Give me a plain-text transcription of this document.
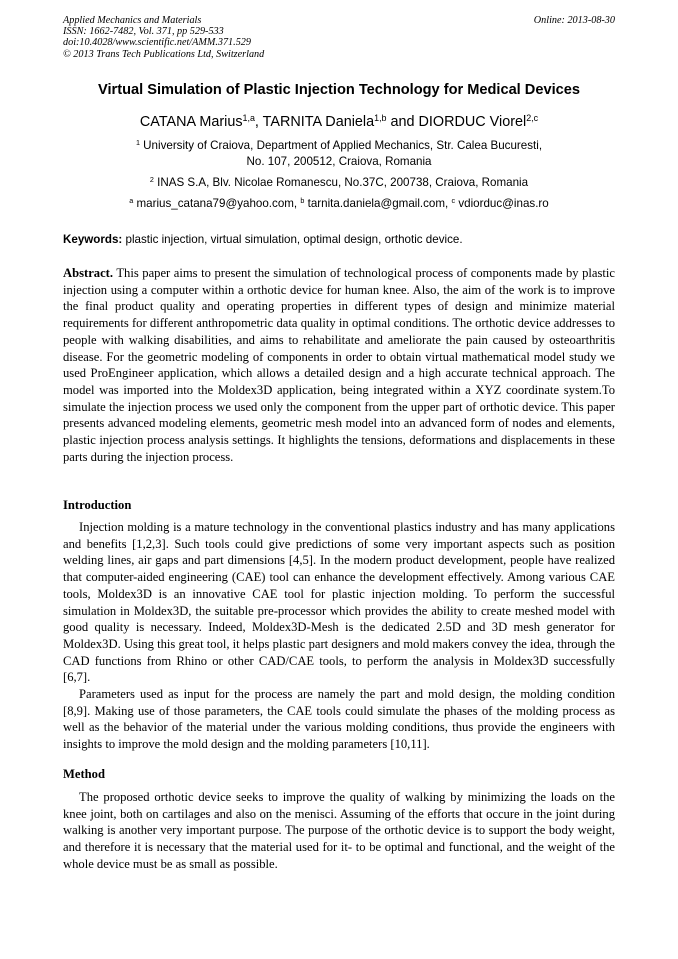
Applied Mechanics and Materials
ISSN: 1662-7482, Vol. 371, pp 529-533
doi:10.4028/www.scientific.net/AMM.371.529
© 2013 Trans Tech Publications Ltd, Switzerland
Online: 2013-08-30
Virtual Simulation of Plastic Injection Technology for Medical Devices
CATANA Marius$^{1,a}$, TARNITA Daniela$^{1,b}$ and DIORDUC Viorel$^{2,c}$
$^1$ University of Craiova, Department of Applied Mechanics, Str. Calea Bucuresti,
No. 107, 200512, Craiova, Romania
$^2$ INAS S.A, Blv. Nicolae Romanescu, No.37C, 200738, Craiova, Romania
$^a$ marius_catana79@yahoo.com, $^b$ tarnita.daniela@gmail.com, $^c$ vdiorduc@inas.ro
Keywords: plastic injection, virtual simulation, optimal design, orthotic device.

Abstract. This paper aims to present the simulation of technological process of components made by plastic injection using a computer within a orthotic device for human knee. Also, the aim of the work is to improve the final product quality and operating properties in different types of design and minimize material requirements for different anthropometric data quality in optimal conditions. The orthotic device addresses to people with walking disabilities, and aims to rehabilitate and ameliorate the pain caused by osteoarthritis disease. For the geometric modeling of components in order to obtain virtual mathematical model study we used ProEngineer application, which allows a detailed design and a high accurate technical approach. The model was imported into the Moldex3D application, being integrated within a XYZ coordinate system.To simulate the injection process we used only the component from the upper part of orthotic device. This paper presents advanced modeling elements, geometric mesh model into an advanced form of nodes and elements, plastic injection process analysis settings. It highlights the tensions, deformations and displacements in these parts during the injection process.

Introduction

Injection molding is a mature technology in the conventional plastics industry and has many applications and benefits [1,2,3]. Such tools could give predictions of some very important aspects such as position welding lines, air gaps and part dimensions [4,5]. In the modern product development, people have realized that computer-aided engineering (CAE) tool can enhance the development effectively. Among various CAE tools, Moldex3D is an innovative CAE tool for plastic injection molding. To perform the successful simulation in Moldex3D, the suitable pre-processor which provides the ability to create meshed model with good quality is necessary. Indeed, Moldex3D-Mesh is the dedicated 2.5D and 3D mesh generator for Moldex3D. Using this great tool, it helps plastic part designers and mold makers convey the idea, through the CAD functions from Rhino or other CAD/CAE tools, to perform the analysis in Moldex3D successfully [6,7].

Parameters used as input for the process are namely the part and mold design, the molding condition [8,9]. Making use of those parameters, the CAE tools could simulate the phases of the molding process as well as the behavior of the material under the various molding conditions, thus provide the engineers with insights to improve the mold design and the molding parameters [10,11].

Method

The proposed orthotic device seeks to improve the quality of walking by minimizing the loads on the knee joint, both on cartilages and also on the menisci. Assuming of the efforts that occure in the joint during walking is another very important purpose. The purpose of the orthotic device is to support the body weight, and therefore it is necessary that the material used for it- to be optimal and functional, and the weight of the whole device must be as small as possible.
